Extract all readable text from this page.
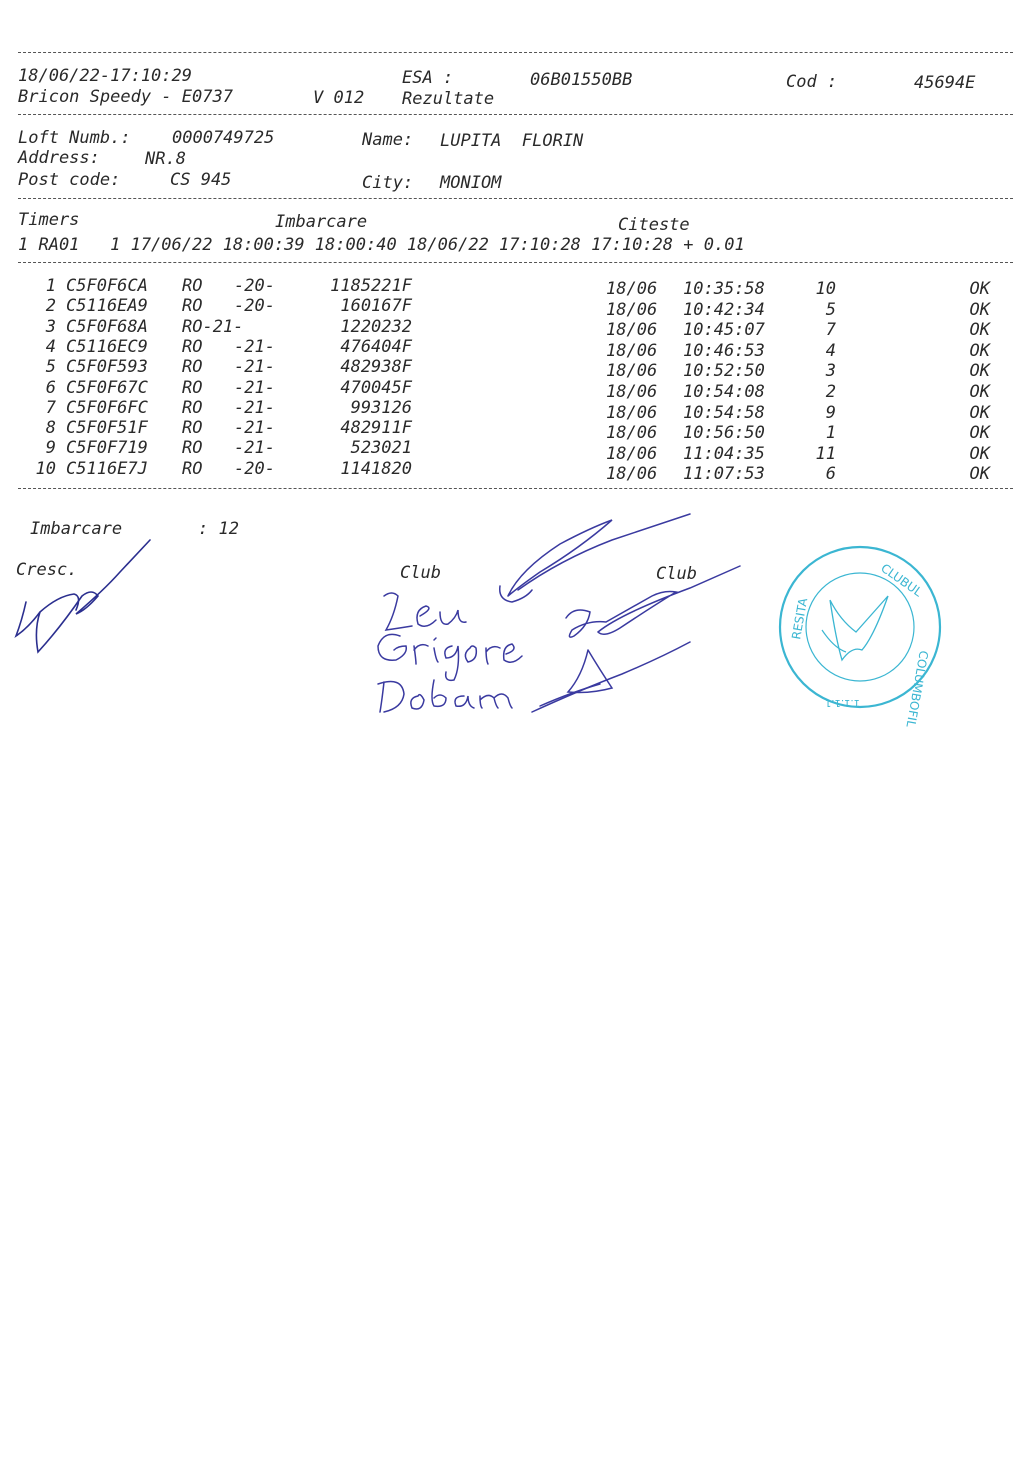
18/06/22-17:10:29	ESA :	06B01550BB	Cod :	45694E
Bricon Speedy - E0737	V 012 Rezultate
Loft Numb.: 0000749725	Name: LUPITA  FLORIN
Address:	NR.8
Post code:	CS 945	City: MONIOM
Timers	Imbarcare	Citeste
1 RA01   1 17/06/22 18:00:39 18:00:40 18/06/22 17:10:28 17:10:28 + 0.01
1 C5F0F6CA	RO	-20-	1185221F	18/06	10:35:58	10	OK
2 C5116EA9	RO	-20-	160167F	18/06	10:42:34	5	OK
3 C5F0F68A	RO-21-	1220232	18/06	10:45:07	7	OK
4 C5116EC9	RO	-21-	476404F	18/06	10:46:53	4	OK
5 C5F0F593	RO	-21-	482938F	18/06	10:52:50	3	OK
6 C5F0F67C	RO	-21-	470045F	18/06	10:54:08	2	OK
7 C5F0F6FC	RO	-21-	993126	18/06	10:54:58	9	OK
8 C5F0F51F	RO	-21-	482911F	18/06	10:56:50	1	OK
9 C5F0F719	RO	-21-	523021	18/06	11:04:35	11	OK
10 C5116E7J	RO	-20-	1141820	18/06	11:07:53	6	OK
Imbarcare	: 12
Cresc.	Club	Club
RESITA
CLUBUL
COLUMBOFIL
1.1.1.1
